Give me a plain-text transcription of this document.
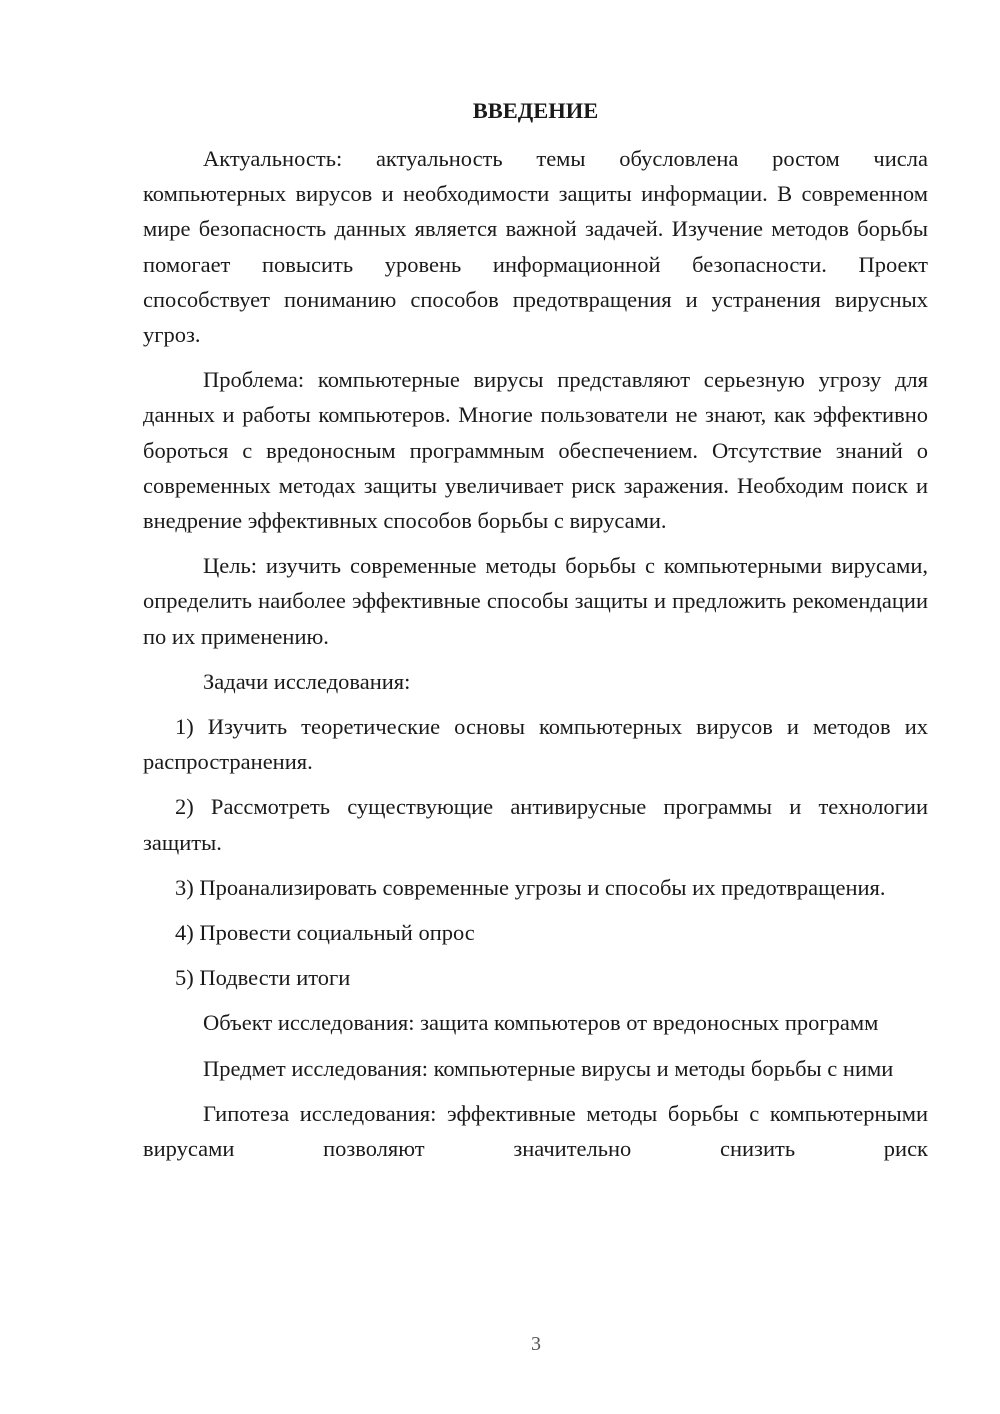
ВВЕДЕНИЕ

Актуальность: актуальность темы обусловлена ростом числа компьютерных вирусов и необходимости защиты информации. В современном мире безопасность данных является важной задачей. Изучение методов борьбы помогает повысить уровень информационной безопасности. Проект способствует пониманию способов предотвращения и устранения вирусных угроз.

Проблема: компьютерные вирусы представляют серьезную угрозу для данных и работы компьютеров. Многие пользователи не знают, как эффективно бороться с вредоносным программным обеспечением. Отсутствие знаний о современных методах защиты увеличивает риск заражения. Необходим поиск и внедрение эффективных способов борьбы с вирусами.

Цель: изучить современные методы борьбы с компьютерными вирусами, определить наиболее эффективные способы защиты и предложить рекомендации по их применению.

Задачи исследования:

1) Изучить теоретические основы компьютерных вирусов и методов их распространения.

2) Рассмотреть существующие антивирусные программы и технологии защиты.

3) Проанализировать современные угрозы и способы их предотвращения.

4) Провести социальный опрос

5) Подвести итоги

Объект исследования: защита компьютеров от вредоносных программ

Предмет исследования: компьютерные вирусы и методы борьбы с ними

Гипотеза исследования: эффективные методы борьбы с компьютерными вирусами позволяют значительно снизить риск

3
